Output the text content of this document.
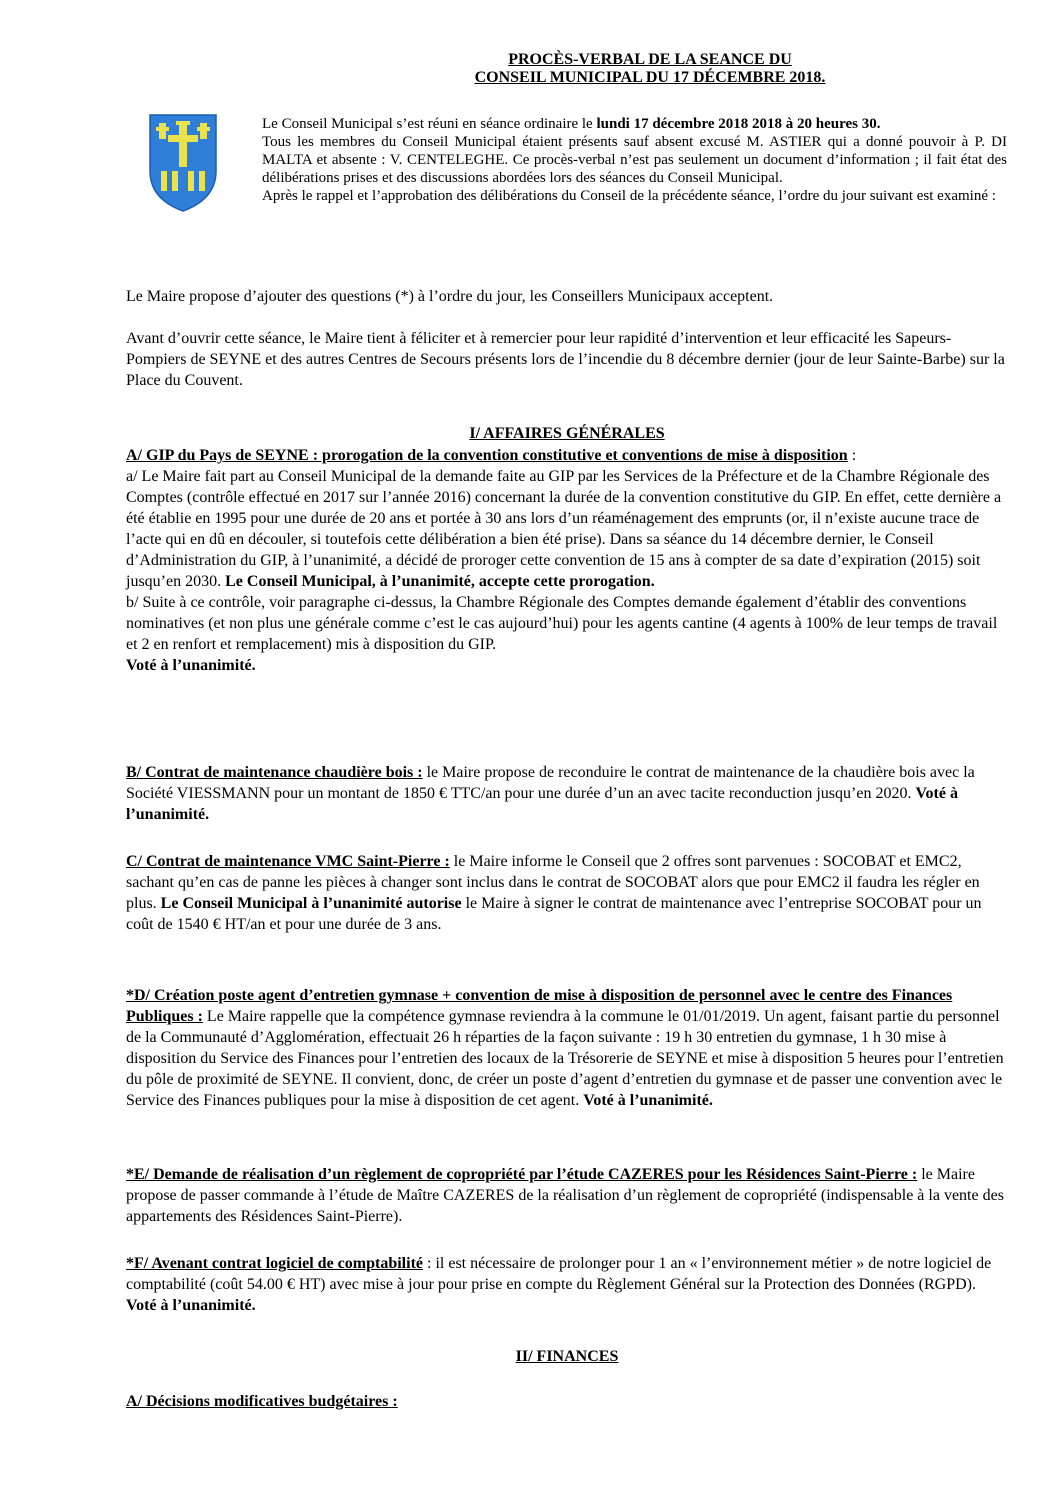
PROCÈS-VERBAL DE LA SEANCE DU
CONSEIL MUNICIPAL DU 17 DÉCEMBRE 2018.

Le Conseil Municipal s’est réuni en séance ordinaire le lundi 17 décembre 2018 2018 à 20 heures 30.

Tous les membres du Conseil Municipal étaient présents sauf absent excusé M. ASTIER qui a donné pouvoir à P. DI MALTA et absente : V. CENTELEGHE. Ce procès-verbal n’est pas seulement un document d’information ; il fait état des délibérations prises et des discussions abordées lors des séances du Conseil Municipal.

Après le rappel et l’approbation des délibérations du Conseil de la précédente séance, l’ordre du jour suivant est examiné :

Le Maire propose d’ajouter des questions (*) à l’ordre du jour, les Conseillers Municipaux acceptent.

Avant d’ouvrir cette séance, le Maire tient à féliciter et à remercier pour leur rapidité d’intervention et leur efficacité les Sapeurs-Pompiers de SEYNE et des autres Centres de Secours présents lors de l’incendie du 8 décembre dernier (jour de leur Sainte-Barbe) sur la Place du Couvent.

I/ AFFAIRES GÉNÉRALES

A/ GIP du Pays de SEYNE : prorogation de la convention constitutive et conventions de mise à disposition :

a/ Le Maire fait part au Conseil Municipal de la demande faite au GIP par les Services de la Préfecture et de la Chambre Régionale des Comptes (contrôle effectué en 2017 sur l’année 2016) concernant la durée de la convention constitutive du GIP. En effet, cette dernière a été établie en 1995 pour une durée de 20 ans et portée à 30 ans lors d’un réaménagement des emprunts (or, il n’existe aucune trace de l’acte qui en dû en découler, si toutefois cette délibération a bien été prise). Dans sa séance du 14 décembre dernier, le Conseil d’Administration du GIP, à l’unanimité, a décidé de proroger cette convention de 15 ans à compter de sa date d’expiration (2015) soit jusqu’en 2030. Le Conseil Municipal, à l’unanimité, accepte cette prorogation.

b/ Suite à ce contrôle, voir paragraphe ci-dessus, la Chambre Régionale des Comptes demande également d’établir des conventions nominatives (et non plus une générale comme c’est le cas aujourd’hui) pour les agents cantine (4 agents à 100% de leur temps de travail et 2 en renfort et remplacement) mis à disposition du GIP.

Voté à l’unanimité.

B/ Contrat de maintenance chaudière bois : le Maire propose de reconduire le contrat de maintenance de la chaudière bois avec la Société VIESSMANN pour un montant de 1850 € TTC/an pour une durée d’un an avec tacite reconduction jusqu’en 2020. Voté à l’unanimité.

C/ Contrat de maintenance VMC Saint-Pierre : le Maire informe le Conseil que 2 offres sont parvenues : SOCOBAT et EMC2, sachant qu’en cas de panne les pièces à changer sont inclus dans le contrat de SOCOBAT alors que pour EMC2 il faudra les régler en plus. Le Conseil Municipal à l’unanimité autorise le Maire à signer le contrat de maintenance avec l’entreprise SOCOBAT pour un coût de 1540 € HT/an et pour une durée de 3 ans.

*D/ Création poste agent d’entretien gymnase + convention de mise à disposition de personnel avec le centre des Finances Publiques : Le Maire rappelle que la compétence gymnase reviendra à la commune le 01/01/2019. Un agent, faisant partie du personnel de la Communauté d’Agglomération, effectuait 26 h réparties de la façon suivante : 19 h 30 entretien du gymnase, 1 h 30 mise à disposition du Service des Finances pour l’entretien des locaux de la Trésorerie de SEYNE et mise à disposition 5 heures pour l’entretien du pôle de proximité de SEYNE. Il convient, donc, de créer un poste d’agent d’entretien du gymnase et de passer une convention avec le Service des Finances publiques pour la mise à disposition de cet agent. Voté à l’unanimité.

*E/ Demande de réalisation d’un règlement de copropriété par l’étude CAZERES pour les Résidences Saint-Pierre : le Maire propose de passer commande à l’étude de Maître CAZERES de la réalisation d’un règlement de copropriété (indispensable à la vente des appartements des Résidences Saint-Pierre).

*F/ Avenant contrat logiciel de comptabilité : il est nécessaire de prolonger pour 1 an « l’environnement métier » de notre logiciel de comptabilité (coût 54.00 € HT) avec mise à jour pour prise en compte du Règlement Général sur la Protection des Données (RGPD). Voté à l’unanimité.

II/ FINANCES

A/ Décisions modificatives budgétaires :
